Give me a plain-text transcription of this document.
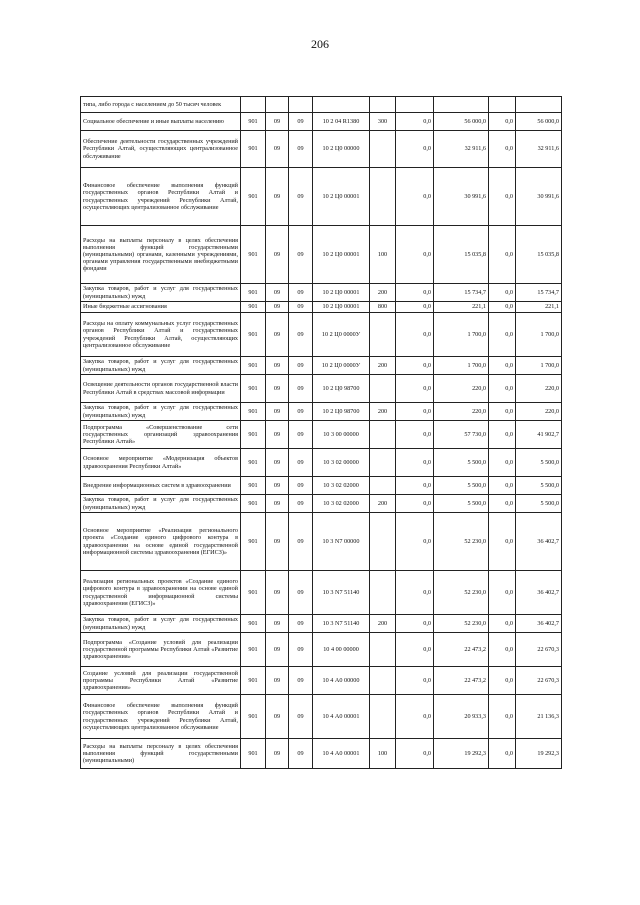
206
типа, либо города с населением до 50 тысяч человек									
Социальное обеспечение и иные выплаты населению	901	09	09	10 2 04 R1380	300	0,0	56 000,0	0,0	56 000,0
Обеспечение деятельности государственных учреждений Республики Алтай, осуществляющих централизованное обслуживание	901	09	09	10 2 Ц0 00000		0,0	32 911,6	0,0	32 911,6
Финансовое обеспечение выполнения функций государственных органов Республики Алтай и государственных учреждений Республики Алтай, осуществляющих централизованное обслуживание	901	09	09	10 2 Ц0 00001		0,0	30 991,6	0,0	30 991,6
Расходы на выплаты персоналу в целях обеспечения выполнения функций государственными (муниципальными) органами, казенными учреждениями, органами управления государственными внебюджетными фондами	901	09	09	10 2 Ц0 00001	100	0,0	15 035,8	0,0	15 035,8
Закупка товаров, работ и услуг для государственных (муниципальных) нужд	901	09	09	10 2 Ц0 00001	200	0,0	15 734,7	0,0	15 734,7
Иные бюджетные ассигнования	901	09	09	10 2 Ц0 00001	800	0,0	221,1	0,0	221,1
Расходы на оплату коммунальных услуг государственных органов Республики Алтай и государственных учреждений Республики Алтай, осуществляющих централизованное обслуживание	901	09	09	10 2 Ц0 0000У		0,0	1 700,0	0,0	1 700,0
Закупка товаров, работ и услуг для государственных (муниципальных) нужд	901	09	09	10 2 Ц0 0000У	200	0,0	1 700,0	0,0	1 700,0
Освещение деятельности органов государственной власти Республики Алтай в средствах массовой информации	901	09	09	10 2 Ц0 98700		0,0	220,0	0,0	220,0
Закупка товаров, работ и услуг для государственных (муниципальных) нужд	901	09	09	10 2 Ц0 98700	200	0,0	220,0	0,0	220,0
Подпрограмма «Совершенствование сети государственных организаций здравоохранения Республики Алтай»	901	09	09	10 3 00 00000		0,0	57 730,0	0,0	41 902,7
Основное мероприятие «Модернизация объектов здравоохранения Республики Алтай»	901	09	09	10 3 02 00000		0,0	5 500,0	0,0	5 500,0
Внедрение информационных систем в здравоохранении	901	09	09	10 3 02 02000		0,0	5 500,0	0,0	5 500,0
Закупка товаров, работ и услуг для государственных (муниципальных) нужд	901	09	09	10 3 02 02000	200	0,0	5 500,0	0,0	5 500,0
Основное мероприятие «Реализация регионального проекта «Создание единого цифрового контура в здравоохранении на основе единой государственной информационной системы здравоохранения (ЕГИСЗ)»	901	09	09	10 3 N7 00000		0,0	52 230,0	0,0	36 402,7
Реализация региональных проектов «Создание единого цифрового контура в здравоохранении на основе единой государственной информационной системы здравоохранения (ЕГИСЗ)»	901	09	09	10 3 N7 51140		0,0	52 230,0	0,0	36 402,7
Закупка товаров, работ и услуг для государственных (муниципальных) нужд	901	09	09	10 3 N7 51140	200	0,0	52 230,0	0,0	36 402,7
Подпрограмма «Создание условий для реализации государственной программы Республики Алтай «Развитие здравоохранения»	901	09	09	10 4 00 00000		0,0	22 473,2	0,0	22 670,3
Создание условий для реализации государственной программы Республики Алтай «Развитие здравоохранения»	901	09	09	10 4 А0 00000		0,0	22 473,2	0,0	22 670,3
Финансовое обеспечение выполнения функций государственных органов Республики Алтай и государственных учреждений Республики Алтай, осуществляющих централизованное обслуживание	901	09	09	10 4 А0 00001		0,0	20 933,3	0,0	21 136,3
Расходы на выплаты персоналу в целях обеспечения выполнения функций государственными (муниципальными)	901	09	09	10 4 А0 00001	100	0,0	19 292,3	0,0	19 292,3
